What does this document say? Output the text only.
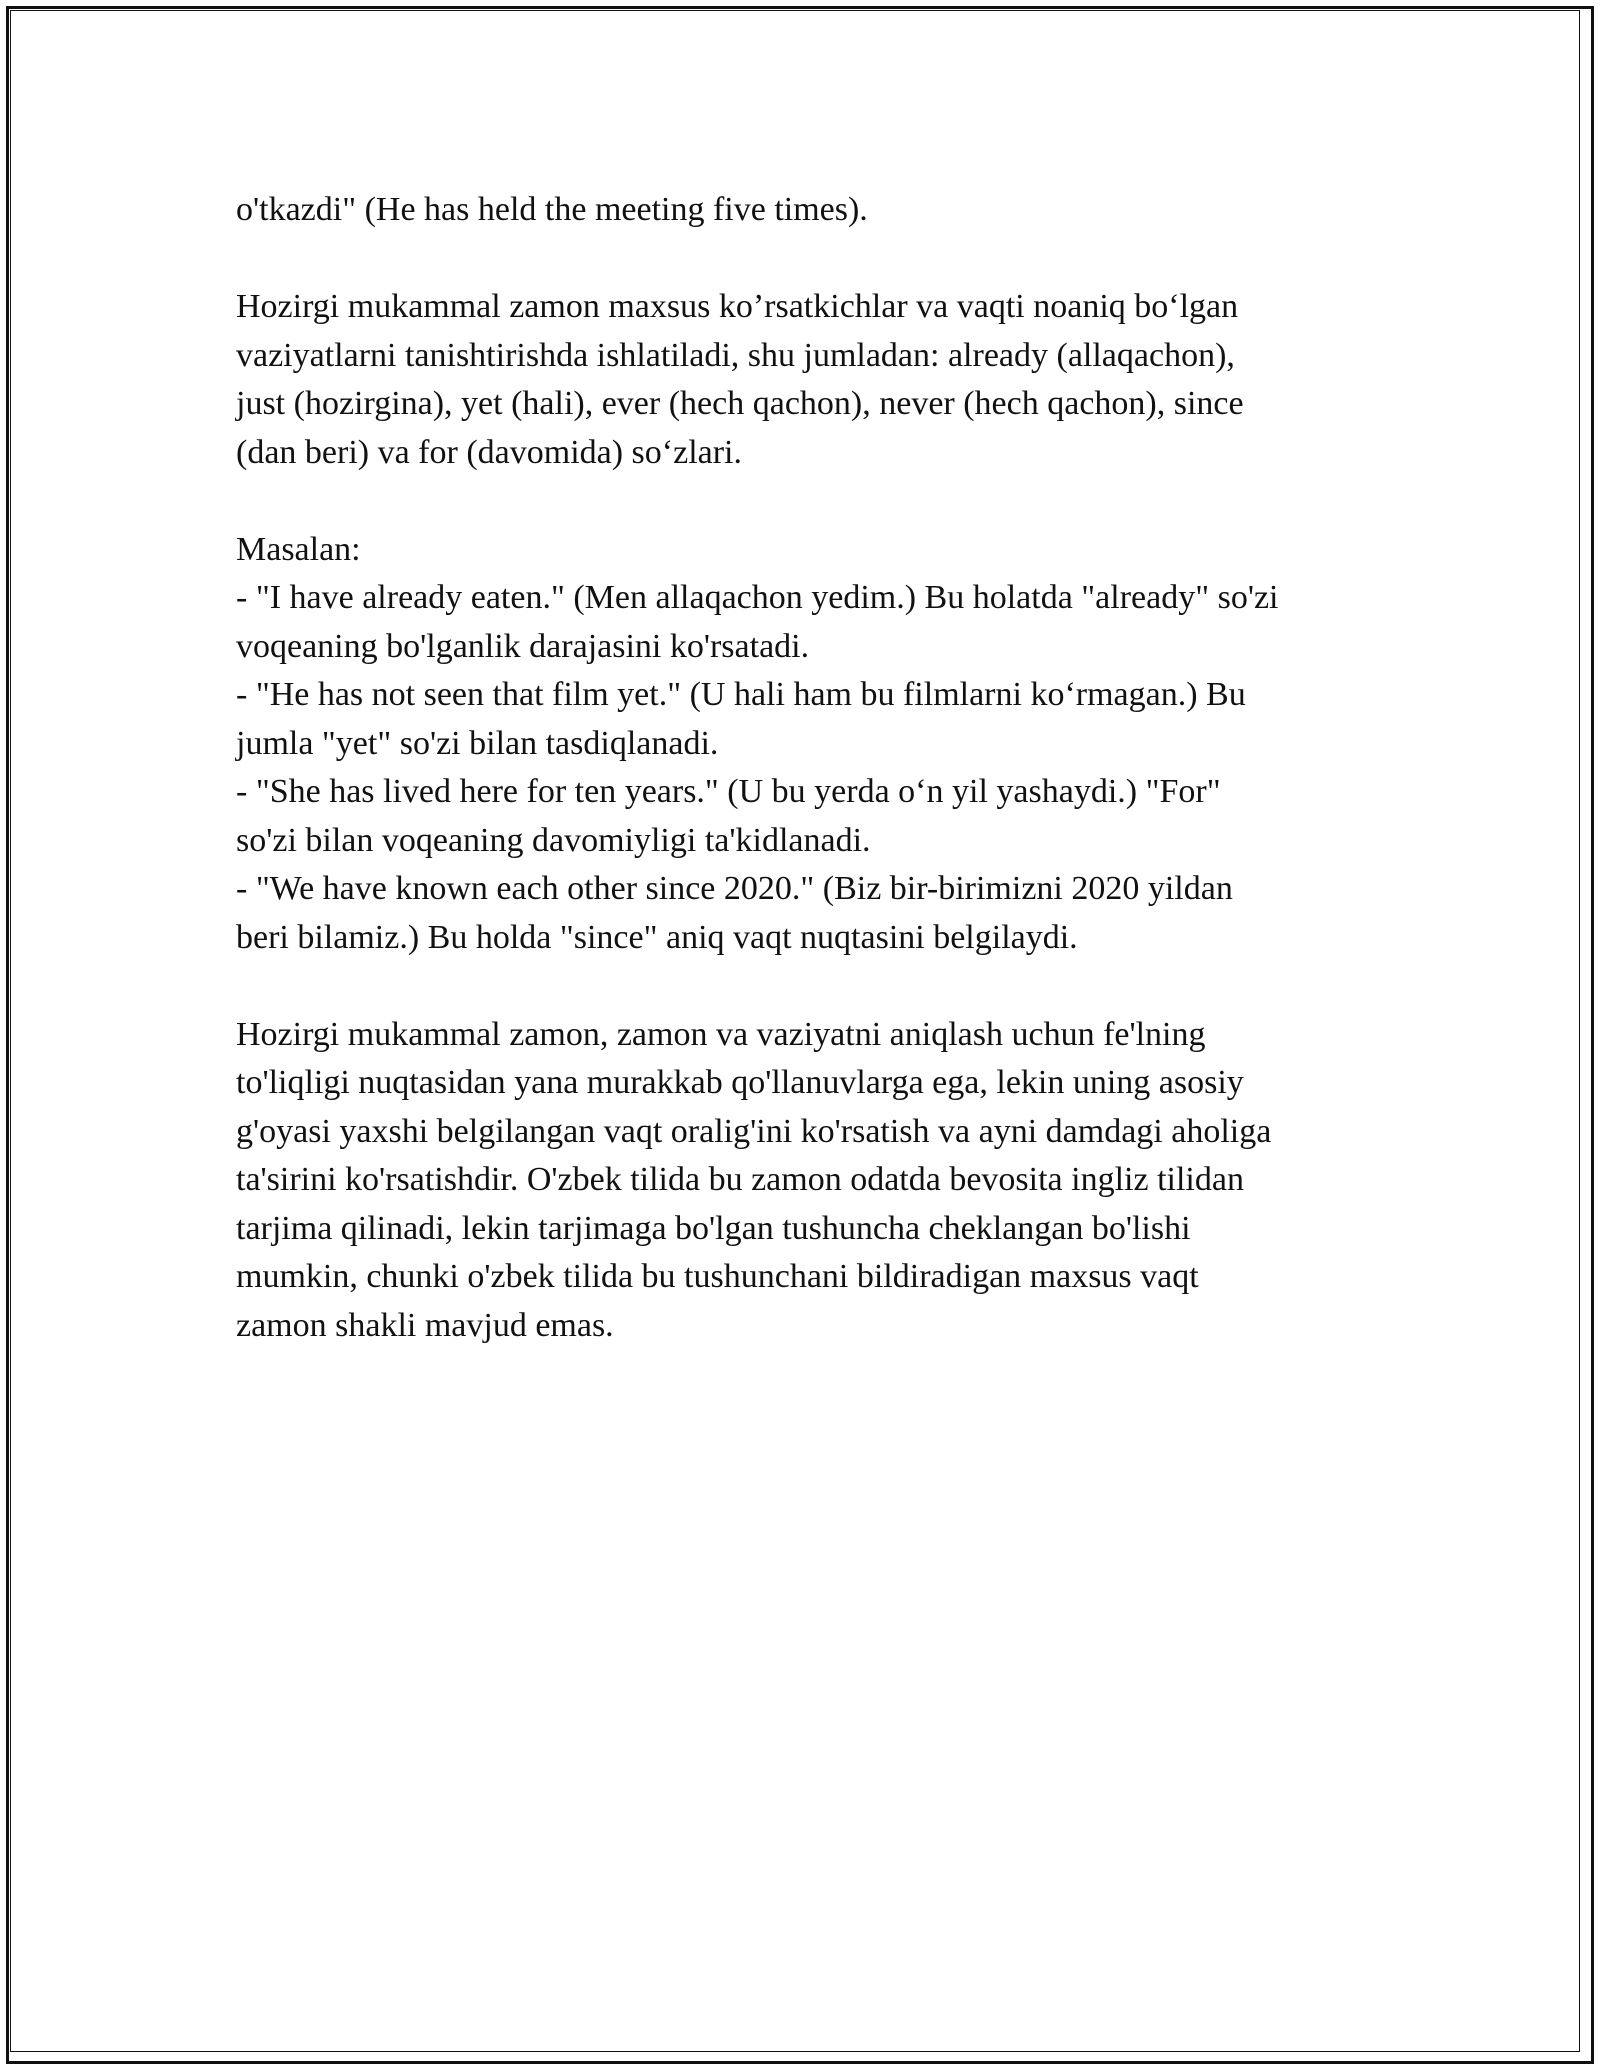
o'tkazdi" (He has held the meeting five times).
Hozirgi mukammal zamon maxsus ko’rsatkichlar va vaqti noaniq bo‘lgan
vaziyatlarni tanishtirishda ishlatiladi, shu jumladan: already (allaqachon),
just (hozirgina), yet (hali), ever (hech qachon), never (hech qachon), since
(dan beri) va for (davomida) so‘zlari.
Masalan:
- "I have already eaten." (Men allaqachon yedim.) Bu holatda "already" so'zi
voqeaning bo'lganlik darajasini ko'rsatadi.
- "He has not seen that film yet." (U hali ham bu filmlarni ko‘rmagan.) Bu
jumla "yet" so'zi bilan tasdiqlanadi.
- "She has lived here for ten years." (U bu yerda o‘n yil yashaydi.) "For"
so'zi bilan voqeaning davomiyligi ta'kidlanadi.
- "We have known each other since 2020." (Biz bir-birimizni 2020 yildan
beri bilamiz.) Bu holda "since" aniq vaqt nuqtasini belgilaydi.
Hozirgi mukammal zamon, zamon va vaziyatni aniqlash uchun fe'lning
to'liqligi nuqtasidan yana murakkab qo'llanuvlarga ega, lekin uning asosiy
g'oyasi yaxshi belgilangan vaqt oralig'ini ko'rsatish va ayni damdagi aholiga
ta'sirini ko'rsatishdir. O'zbek tilida bu zamon odatda bevosita ingliz tilidan
tarjima qilinadi, lekin tarjimaga bo'lgan tushuncha cheklangan bo'lishi
mumkin, chunki o'zbek tilida bu tushunchani bildiradigan maxsus vaqt
zamon shakli mavjud emas.
